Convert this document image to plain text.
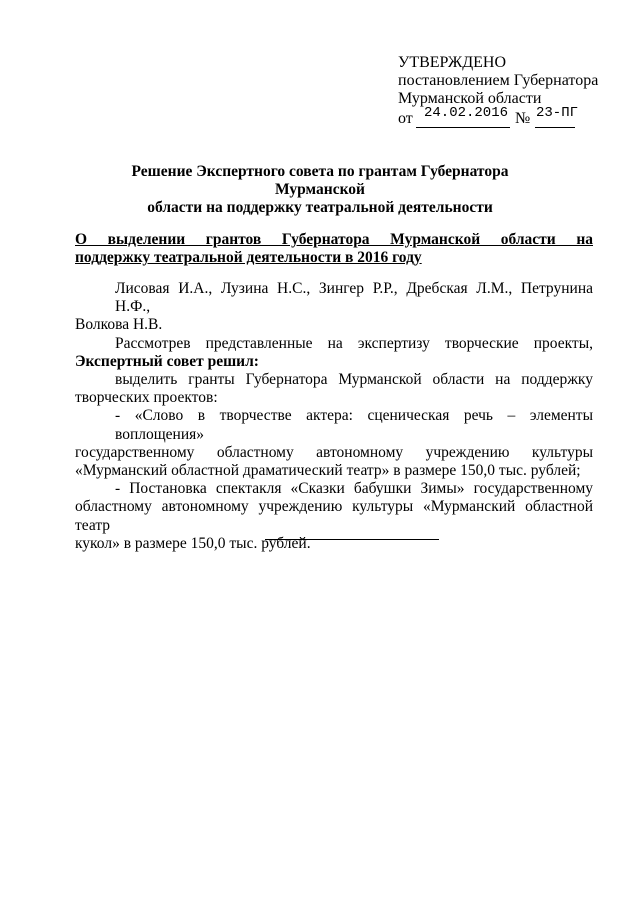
УТВЕРЖДЕНО
постановлением Губернатора
Мурманской области
от 24.02.2016 № 23-ПГ
Решение Экспертного совета по грантам Губернатора Мурманской
области на поддержку театральной деятельности
О выделении грантов Губернатора Мурманской области на
поддержку театральной деятельности в 2016 году
Лисовая И.А., Лузина Н.С., Зингер Р.Р., Дребская Л.М., Петрунина Н.Ф.,
Волкова Н.В.
Рассмотрев представленные на экспертизу творческие проекты,
Экспертный совет решил:
выделить гранты Губернатора Мурманской области на поддержку
творческих проектов:
- «Слово в творчестве актера: сценическая речь – элементы воплощения»
государственному областному автономному учреждению культуры
«Мурманский областной драматический театр» в размере 150,0 тыс. рублей;
- Постановка спектакля «Сказки бабушки Зимы» государственному
областному автономному учреждению культуры «Мурманский областной театр
кукол» в размере 150,0 тыс. рублей.
